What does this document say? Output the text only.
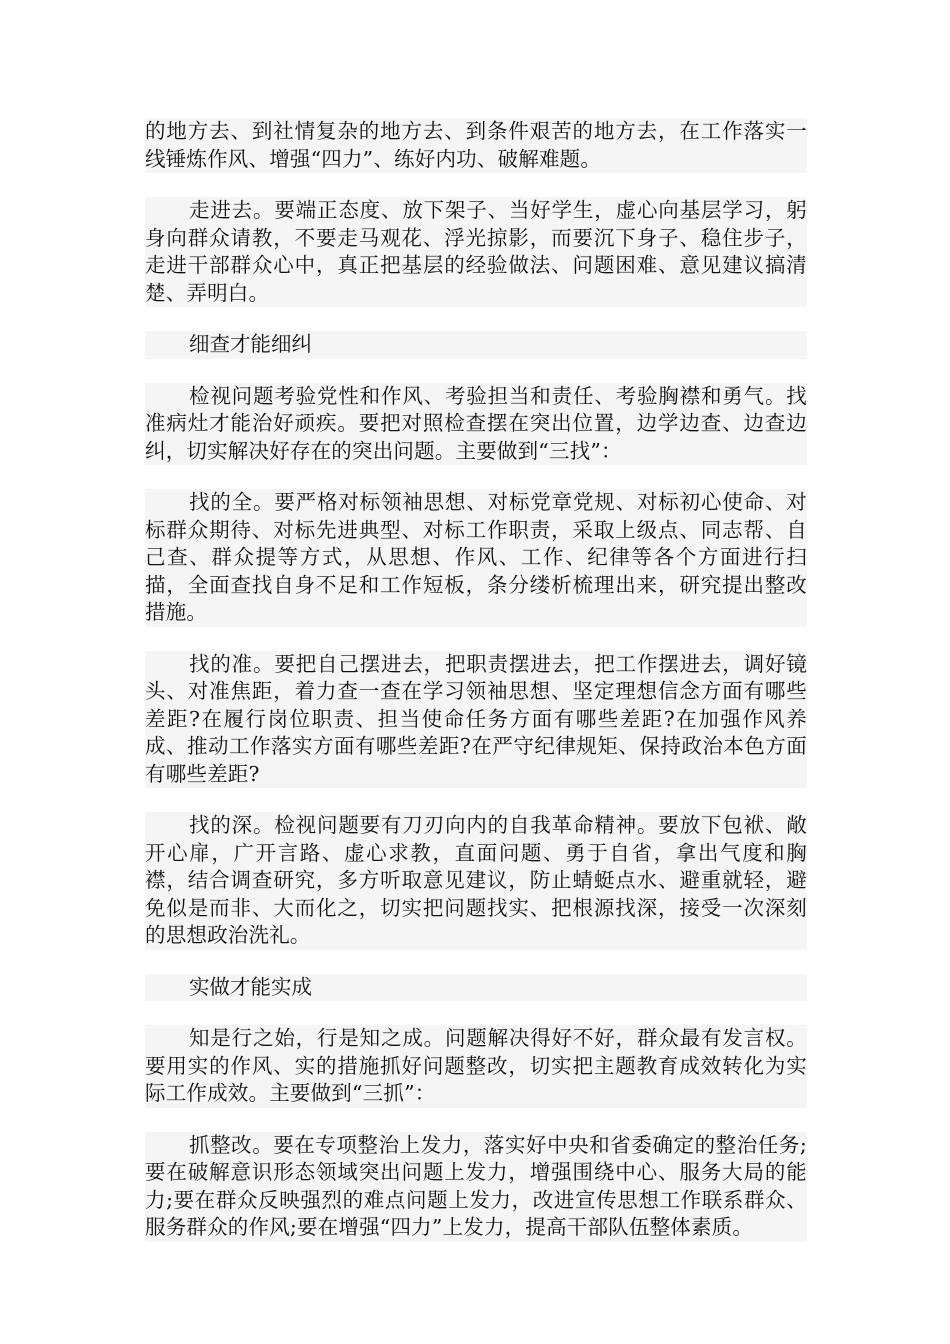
的地方去、到社情复杂的地方去、到条件艰苦的地方去，在工作落实一线锤炼作风、增强“四力”、练好内功、破解难题。

走进去。要端正态度、放下架子、当好学生，虚心向基层学习，躬身向群众请教，不要走马观花、浮光掠影，而要沉下身子、稳住步子，走进干部群众心中，真正把基层的经验做法、问题困难、意见建议搞清楚、弄明白。

细查才能细纠

检视问题考验党性和作风、考验担当和责任、考验胸襟和勇气。找准病灶才能治好顽疾。要把对照检查摆在突出位置，边学边查、边查边纠，切实解决好存在的突出问题。主要做到“三找”：

找的全。要严格对标领袖思想、对标党章党规、对标初心使命、对标群众期待、对标先进典型、对标工作职责，采取上级点、同志帮、自己查、群众提等方式，从思想、作风、工作、纪律等各个方面进行扫描，全面查找自身不足和工作短板，条分缕析梳理出来，研究提出整改措施。

找的准。要把自己摆进去，把职责摆进去，把工作摆进去，调好镜头、对准焦距，着力查一查在学习领袖思想、坚定理想信念方面有哪些差距?在履行岗位职责、担当使命任务方面有哪些差距?在加强作风养成、推动工作落实方面有哪些差距?在严守纪律规矩、保持政治本色方面有哪些差距?

找的深。检视问题要有刀刃向内的自我革命精神。要放下包袱、敞开心扉，广开言路、虚心求教，直面问题、勇于自省，拿出气度和胸襟，结合调查研究，多方听取意见建议，防止蜻蜓点水、避重就轻，避免似是而非、大而化之，切实把问题找实、把根源找深，接受一次深刻的思想政治洗礼。

实做才能实成

知是行之始，行是知之成。问题解决得好不好，群众最有发言权。要用实的作风、实的措施抓好问题整改，切实把主题教育成效转化为实际工作成效。主要做到“三抓”：

抓整改。要在专项整治上发力，落实好中央和省委确定的整治任务;要在破解意识形态领域突出问题上发力，增强围绕中心、服务大局的能力;要在群众反映强烈的难点问题上发力，改进宣传思想工作联系群众、服务群众的作风;要在增强“四力”上发力，提高干部队伍整体素质。
